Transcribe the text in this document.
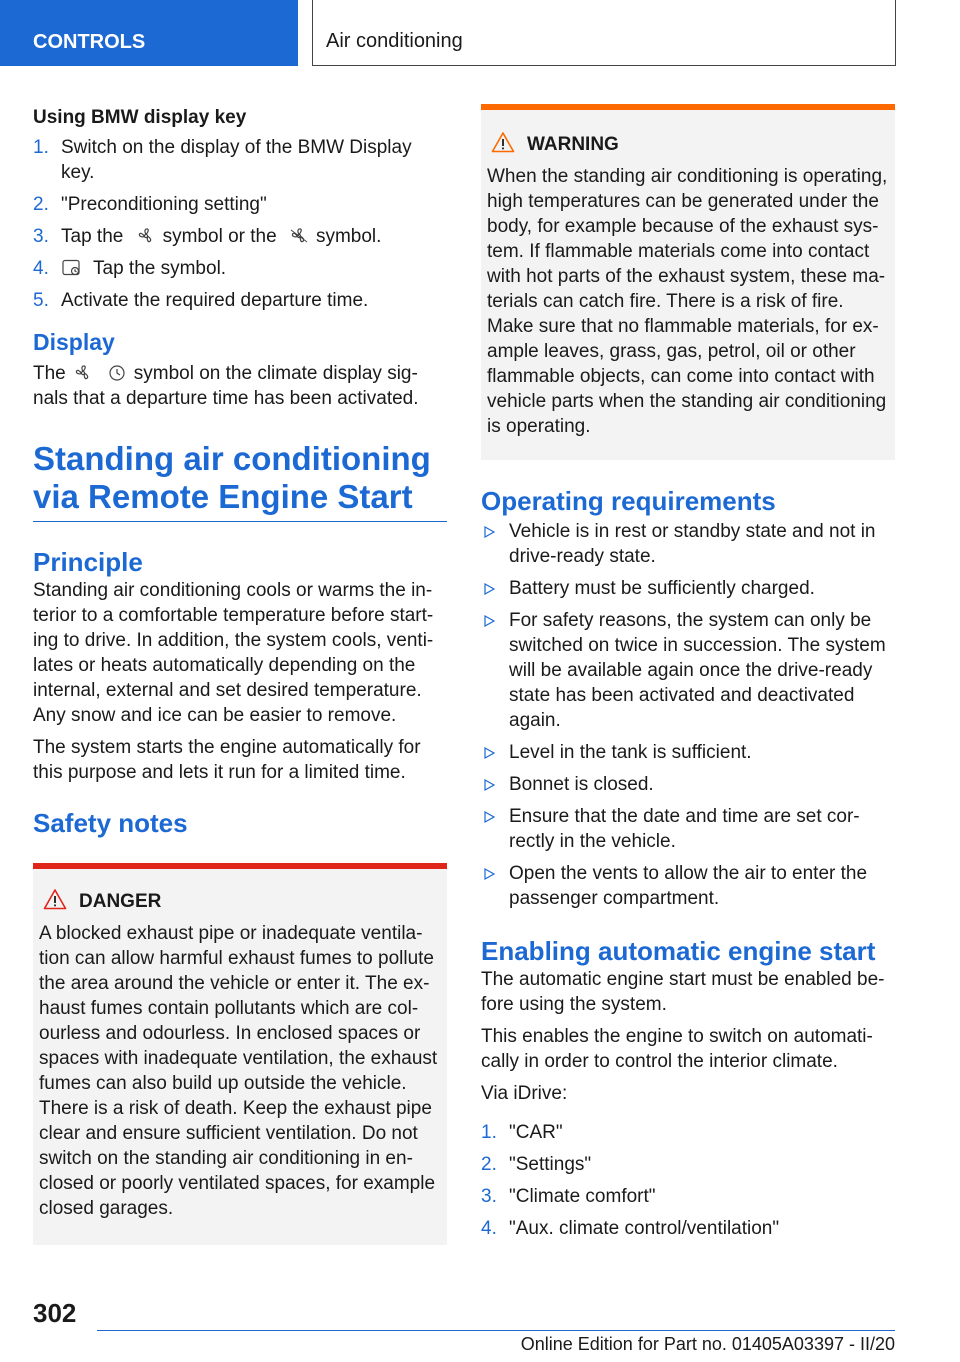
CONTROLS	Air conditioning
Using BMW display key
1. Switch on the display of the BMW Display key.
2. "Preconditioning setting"
3. Tap the symbol or the symbol.
4. Tap the symbol.
5. Activate the required departure time.
Display

The	symbol on the climate display sig-nals that a departure time has been activated.

Standing air conditioning via Remote Engine Start
Principle

Standing air conditioning cools or warms the in-terior to a comfortable temperature before start-ing to drive. In addition, the system cools, venti-lates or heats automatically depending on the internal, external and set desired temperature. Any snow and ice can be easier to remove.

The system starts the engine automatically for this purpose and lets it run for a limited time.

Safety notes
DANGER

A blocked exhaust pipe or inadequate ventila-tion can allow harmful exhaust fumes to pollute the area around the vehicle or enter it. The ex-haust fumes contain pollutants which are col-ourless and odourless. In enclosed spaces or spaces with inadequate ventilation, the exhaust fumes can also build up outside the vehicle. There is a risk of death. Keep the exhaust pipe clear and ensure sufficient ventilation. Do not switch on the standing air conditioning in en-closed or poorly ventilated spaces, for example closed garages.

WARNING

When the standing air conditioning is operating, high temperatures can be generated under the body, for example because of the exhaust sys-tem. If flammable materials come into contact with hot parts of the exhaust system, these ma-terials can catch fire. There is a risk of fire. Make sure that no flammable materials, for ex-ample leaves, grass, gas, petrol, oil or other flammable objects, can come into contact with vehicle parts when the standing air conditioning is operating.

Operating requirements
Vehicle is in rest or standby state and not in drive-ready state.
Battery must be sufficiently charged.
For safety reasons, the system can only be switched on twice in succession. The system will be available again once the drive-ready state has been activated and deactivated again.
Level in the tank is sufficient.
Bonnet is closed.
Ensure that the date and time are set cor-rectly in the vehicle.
Open the vents to allow the air to enter the passenger compartment.
Enabling automatic engine start

The automatic engine start must be enabled be-fore using the system.

This enables the engine to switch on automati-cally in order to control the interior climate.

Via iDrive:

1. "CAR"
2. "Settings"
3. "Climate comfort"
4. "Aux. climate control/ventilation"
302
Online Edition for Part no. 01405A03397 - II/20
